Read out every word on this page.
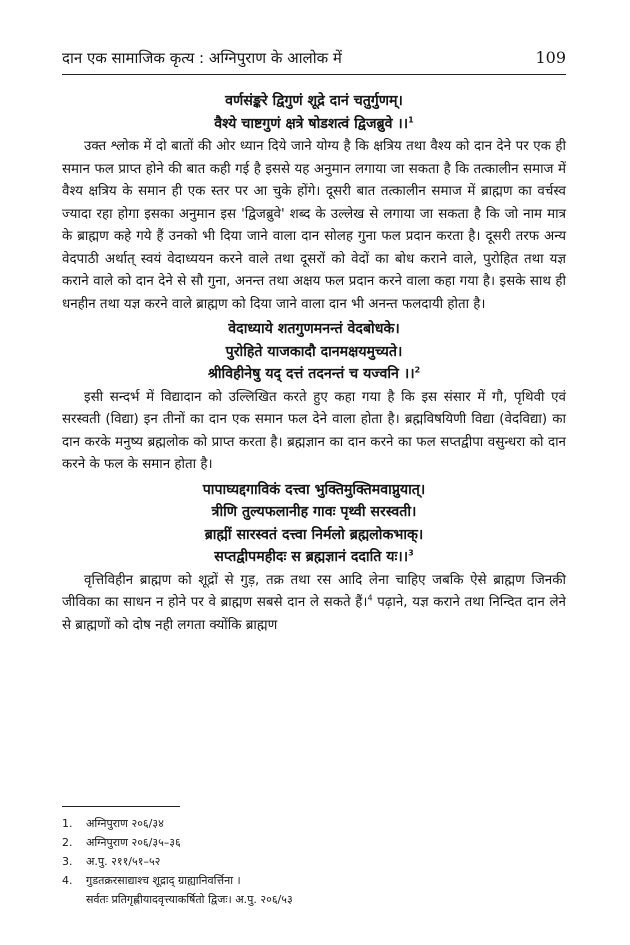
दान एक सामाजिक कृत्य : अग्निपुराण के आलोक में	109

वर्णसंङ्करे द्विगुणं शूद्रे दानं चतुर्गुणम्।

वैश्ये चाष्टगुणं क्षत्रे षोडशत्वं द्विजब्रुवे ।।$^1$

उक्त श्लोक में दो बातों की ओर ध्यान दिये जाने योग्य है कि क्षत्रिय तथा वैश्य को दान देने पर एक ही समान फल प्राप्त होने की बात कही गई है इससे यह अनुमान लगाया जा सकता है कि तत्कालीन समाज में वैश्य क्षत्रिय के समान ही एक स्तर पर आ चुके होंगे। दूसरी बात तत्कालीन समाज में ब्राह्मण का वर्चस्व ज्यादा रहा होगा इसका अनुमान इस 'द्विजब्रुवे' शब्द के उल्लेख से लगाया जा सकता है कि जो नाम मात्र के ब्राह्मण कहे गये हैं उनको भी दिया जाने वाला दान सोलह गुना फल प्रदान करता है। दूसरी तरफ अन्य वेदपाठी अर्थात् स्वयं वेदाध्ययन करने वाले तथा दूसरों को वेदों का बोध कराने वाले, पुरोहित तथा यज्ञ कराने वाले को दान देने से सौ गुना, अनन्त तथा अक्षय फल प्रदान करने वाला कहा गया है। इसके साथ ही धनहीन तथा यज्ञ करने वाले ब्राह्मण को दिया जाने वाला दान भी अनन्त फलदायी होता है।

वेदाध्याये शतगुणमनन्तं वेदबोधके।

पुरोहिते याजकादौ दानमक्षयमुच्यते।

श्रीविहीनेषु यद् दत्तं तदनन्तं च यज्वनि ।।$^2$

इसी सन्दर्भ में विद्यादान को उल्लिखित करते हुए कहा गया है कि इस संसार में गौ, पृथिवी एवं सरस्वती (विद्या) इन तीनों का दान एक समान फल देने वाला होता है। ब्रह्मविषयिणी विद्या (वेदविद्या) का दान करके मनुष्य ब्रह्मलोक को प्राप्त करता है। ब्रह्मज्ञान का दान करने का फल सप्तद्वीपा वसुन्धरा को दान करने के फल के समान होता है।

पापाघ्यद्दगाविकं दत्त्वा भुक्तिमुक्तिमवाप्नुयात्।

त्रीणि तुल्यफलानीह गावः पृथ्वी सरस्वती।

ब्राह्मीं सारस्वतं दत्त्वा निर्मलो ब्रह्मलोकभाक्।

सप्तद्वीपमहीदः स ब्रह्मज्ञानं ददाति यः।।$^3$

वृत्तिविहीन ब्राह्मण को शूद्रों से गुड़, तक्र तथा रस आदि लेना चाहिए जबकि ऐसे ब्राह्मण जिनकी जीविका का साधन न होने पर वे ब्राह्मण सबसे दान ले सकते हैं।$^4$ पढ़ाने, यज्ञ कराने तथा निन्दित दान लेने से ब्राह्मणों को दोष नही लगता क्योंकि ब्राह्मण

1.	अग्निपुराण २०६/३४
2.	अग्निपुराण २०६/३५–३६
3.	अ.पु. २११/५१–५२
4.	गुडतक्ररसाद्याश्च शूद्राद् ग्राह्यानिवर्त्तिना ।
सर्वतः प्रतिगृह्णीयादवृत्त्याकर्षितो द्विजः। अ.पु. २०६/५३
